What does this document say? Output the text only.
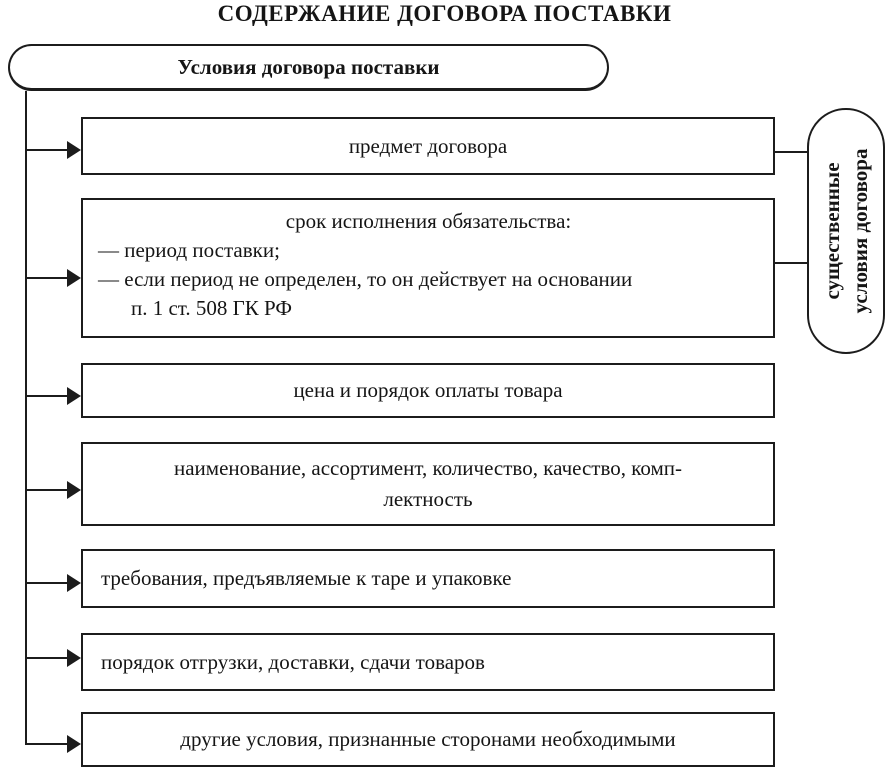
СОДЕРЖАНИЕ ДОГОВОРА ПОСТАВКИ
Условия договора поставки
предмет договора
срок исполнения обязательства:
— период поставки;
— если период не определен, то он действует на основании
п. 1 ст. 508 ГК РФ
цена и порядок оплаты товара
наименование, ассортимент, количество, качество, комп-
лектность
требования, предъявляемые к таре и упаковке
порядок отгрузки, доставки, сдачи товаров
другие условия, признанные сторонами необходимыми
существенные условия договора
